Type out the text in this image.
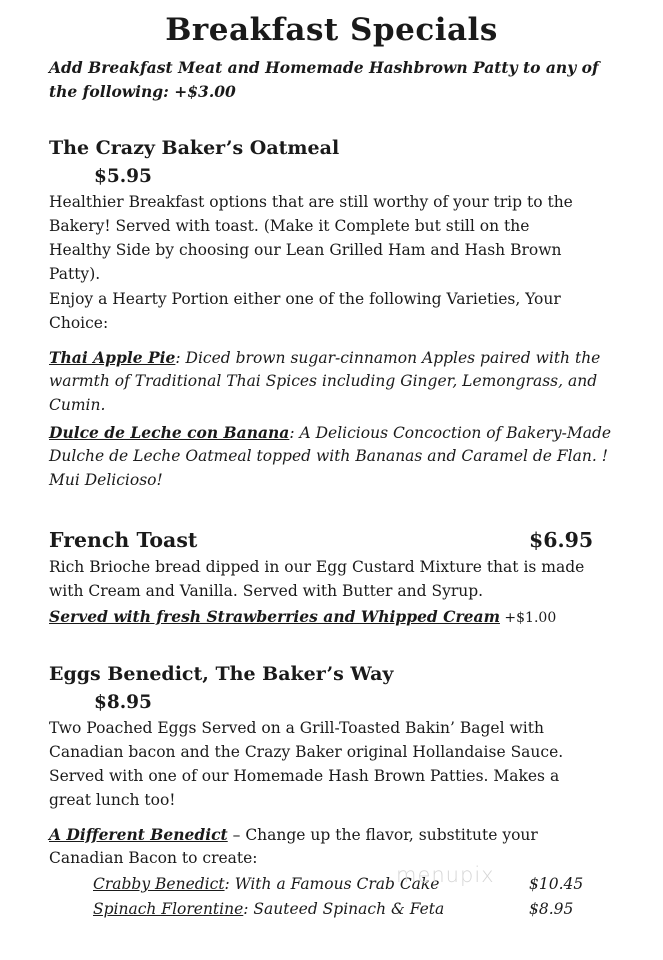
Breakfast Specials
Add Breakfast Meat and Homemade Hashbrown Patty to any of
the following: +$3.00
The Crazy Baker’s Oatmeal
$5.95
Healthier Breakfast options that are still worthy of your trip to the
Bakery! Served with toast. (Make it Complete but still on the
Healthy Side by choosing our Lean Grilled Ham and Hash Brown
Patty).
Enjoy a Hearty Portion either one of the following Varieties, Your
Choice:
Thai Apple Pie: Diced brown sugar-cinnamon Apples paired with the
warmth of Traditional Thai Spices including Ginger, Lemongrass, and
Cumin.
Dulce de Leche con Banana: A Delicious Concoction of Bakery-Made
Dulche de Leche Oatmeal topped with Bananas and Caramel de Flan. !
Mui Delicioso!
French Toast	$6.95
Rich Brioche bread dipped in our Egg Custard Mixture that is made
with Cream and Vanilla. Served with Butter and Syrup.
Served with fresh Strawberries and Whipped Cream +$1.00
Eggs Benedict, The Baker’s Way
$8.95
Two Poached Eggs Served on a Grill-Toasted Bakin’ Bagel with
Canadian bacon and the Crazy Baker original Hollandaise Sauce.
Served with one of our Homemade Hash Brown Patties. Makes a
great lunch too!
A Different Benedict – Change up the flavor, substitute your
Canadian Bacon to create:
Crabby Benedict: With a Famous Crab Cake	$10.45
Spinach Florentine: Sauteed Spinach & Feta	$8.95
menupix
